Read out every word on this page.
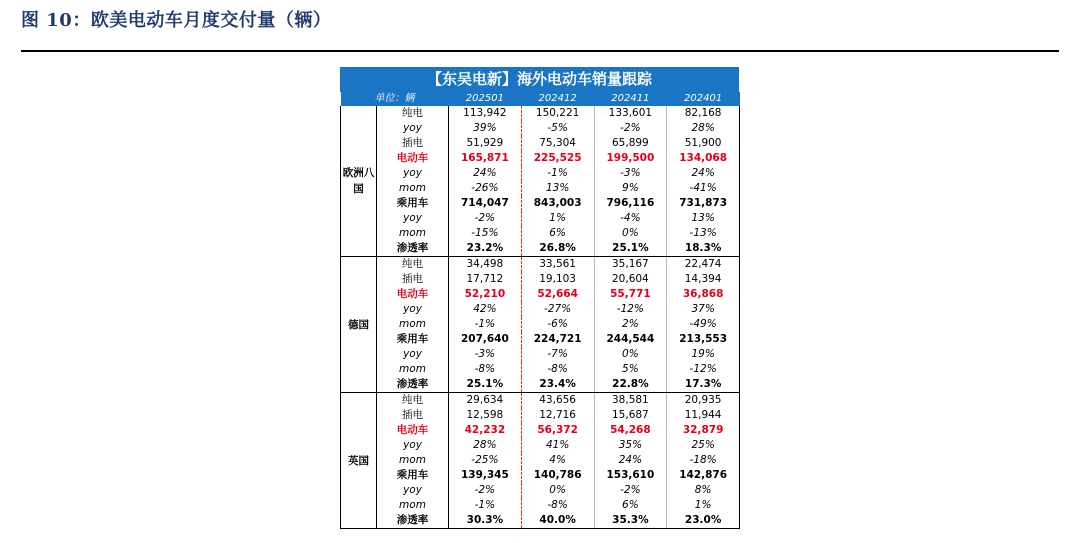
图 10：欧美电动车月度交付量（辆）
【东吴电新】海外电动车销量跟踪
单位：辆		202501	202412	202411	202401
欧洲八国	纯电	113,942	150,221	133,601	82,168
	yoy	39%	-5%	-2%	28%
	插电	51,929	75,304	65,899	51,900
	电动车	165,871	225,525	199,500	134,068
	yoy	24%	-1%	-3%	24%
	mom	-26%	13%	9%	-41%
	乘用车	714,047	843,003	796,116	731,873
	yoy	-2%	1%	-4%	13%
	mom	-15%	6%	0%	-13%
	渗透率	23.2%	26.8%	25.1%	18.3%
德国	纯电	34,498	33,561	35,167	22,474
	插电	17,712	19,103	20,604	14,394
	电动车	52,210	52,664	55,771	36,868
	yoy	42%	-27%	-12%	37%
	mom	-1%	-6%	2%	-49%
	乘用车	207,640	224,721	244,544	213,553
	yoy	-3%	-7%	0%	19%
	mom	-8%	-8%	5%	-12%
	渗透率	25.1%	23.4%	22.8%	17.3%
英国	纯电	29,634	43,656	38,581	20,935
	插电	12,598	12,716	15,687	11,944
	电动车	42,232	56,372	54,268	32,879
	yoy	28%	41%	35%	25%
	mom	-25%	4%	24%	-18%
	乘用车	139,345	140,786	153,610	142,876
	yoy	-2%	0%	-2%	8%
	mom	-1%	-8%	6%	1%
	渗透率	30.3%	40.0%	35.3%	23.0%
